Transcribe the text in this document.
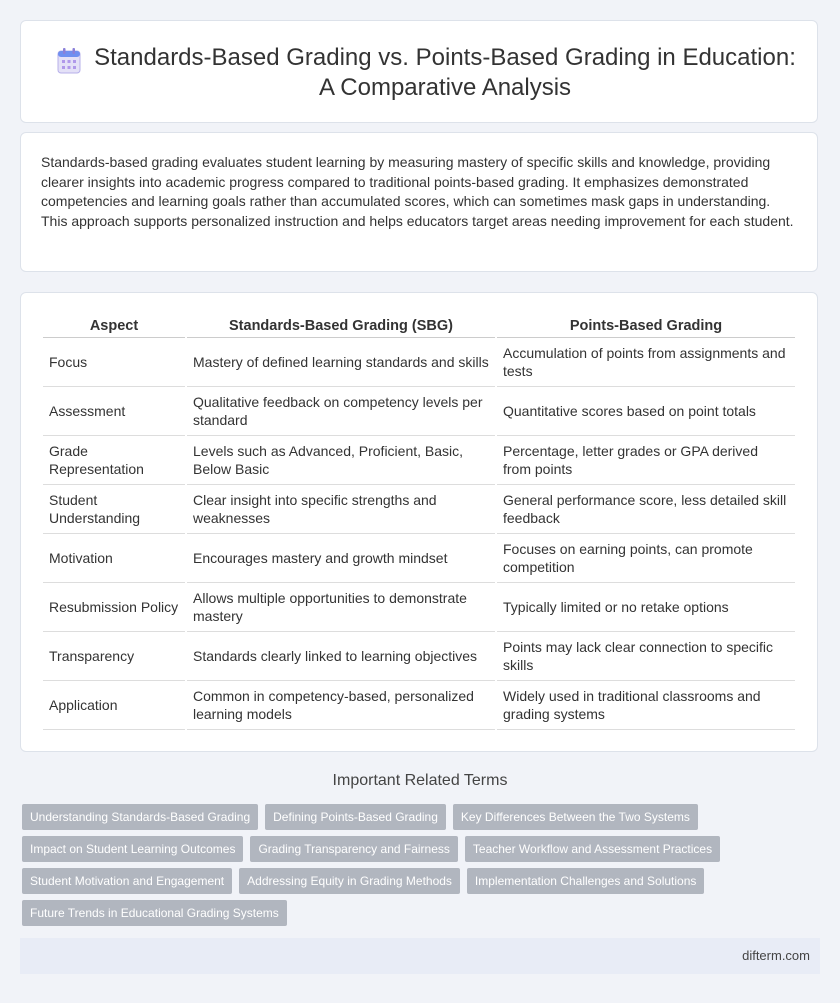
Standards-Based Grading vs. Points-Based Grading in Education: A Comparative Analysis

Standards-based grading evaluates student learning by measuring mastery of specific skills and knowledge, providing clearer insights into academic progress compared to traditional points-based grading. It emphasizes demonstrated competencies and learning goals rather than accumulated scores, which can sometimes mask gaps in understanding. This approach supports personalized instruction and helps educators target areas needing improvement for each student.

Aspect	Standards-Based Grading (SBG)	Points-Based Grading
Focus	Mastery of defined learning standards and skills	Accumulation of points from assignments and tests
Assessment	Qualitative feedback on competency levels per standard	Quantitative scores based on point totals
Grade Representation	Levels such as Advanced, Proficient, Basic, Below Basic	Percentage, letter grades or GPA derived from points
Student Understanding	Clear insight into specific strengths and weaknesses	General performance score, less detailed skill feedback
Motivation	Encourages mastery and growth mindset	Focuses on earning points, can promote competition
Resubmission Policy	Allows multiple opportunities to demonstrate mastery	Typically limited or no retake options
Transparency	Standards clearly linked to learning objectives	Points may lack clear connection to specific skills
Application	Common in competency-based, personalized learning models	Widely used in traditional classrooms and grading systems
Important Related Terms
Understanding Standards-Based Grading	Defining Points-Based Grading	Key Differences Between the Two Systems
Impact on Student Learning Outcomes	Grading Transparency and Fairness	Teacher Workflow and Assessment Practices
Student Motivation and Engagement	Addressing Equity in Grading Methods	Implementation Challenges and Solutions
Future Trends in Educational Grading Systems
difterm.com
